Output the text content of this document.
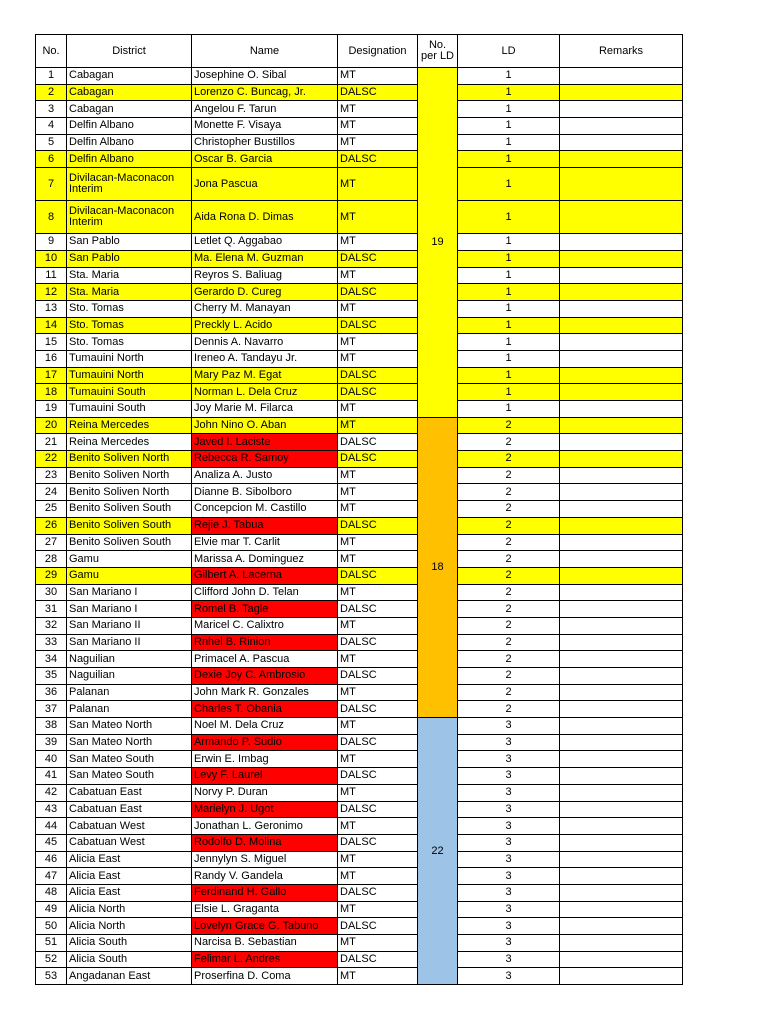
No.	District	Name	Designation	No. per LD	LD	Remarks
1	Cabagan	Josephine O. Sibal	MT	19	1	
2	Cabagan	Lorenzo C. Buncag, Jr.	DALSC		1	
3	Cabagan	Angelou F. Tarun	MT		1	
4	Delfin Albano	Monette F. Visaya	MT		1	
5	Delfin Albano	Christopher Bustillos	MT		1	
6	Delfin Albano	Oscar B. Garcia	DALSC		1	
7	Divilacan-Maconacon Interim	Jona Pascua	MT		1	
8	Divilacan-Maconacon Interim	Aida Rona D. Dimas	MT		1	
9	San Pablo	Letlet Q. Aggabao	MT		1	
10	San Pablo	Ma. Elena M. Guzman	DALSC		1	
11	Sta. Maria	Reyros S. Baliuag	MT		1	
12	Sta. Maria	Gerardo D. Cureg	DALSC		1	
13	Sto. Tomas	Cherry M. Manayan	MT		1	
14	Sto. Tomas	Preckly L. Acido	DALSC		1	
15	Sto. Tomas	Dennis A. Navarro	MT		1	
16	Tumauini North	Ireneo A. Tandayu Jr.	MT		1	
17	Tumauini North	Mary Paz M. Egat	DALSC		1	
18	Tumauini South	Norman L. Dela Cruz	DALSC		1	
19	Tumauini South	Joy Marie M. Filarca	MT		1	
20	Reina Mercedes	John Nino O. Aban	MT	18	2	
21	Reina Mercedes	Javed I. Laciste	DALSC		2	
22	Benito Soliven North	Rebecca R. Samoy	DALSC		2	
23	Benito Soliven North	Analiza A. Justo	MT		2	
24	Benito Soliven North	Dianne B. Sibolboro	MT		2	
25	Benito Soliven South	Concepcion M. Castillo	MT		2	
26	Benito Soliven South	Rejie J. Tabua	DALSC		2	
27	Benito Soliven South	Elvie mar T. Carlit	MT		2	
28	Gamu	Marissa A. Dominguez	MT		2	
29	Gamu	Gilbert A. Lacerna	DALSC		2	
30	San Mariano I	Clifford John D. Telan	MT		2	
31	San Mariano I	Romel B. Tagle	DALSC		2	
32	San Mariano II	Maricel C. Calixtro	MT		2	
33	San Mariano II	Rnhel B. Rinion	DALSC		2	
34	Naguilian	Primacel A. Pascua	MT		2	
35	Naguilian	Dexie Joy C. Ambrosio	DALSC		2	
36	Palanan	John Mark R. Gonzales	MT		2	
37	Palanan	Charles T. Obania	DALSC		2	
38	San Mateo North	Noel M. Dela Cruz	MT	22	3	
39	San Mateo North	Armando P. Sudio	DALSC		3	
40	San Mateo South	Erwin E. Imbag	MT		3	
41	San Mateo South	Levy F. Laurel	DALSC		3	
42	Cabatuan East	Norvy P. Duran	MT		3	
43	Cabatuan East	Marielyn J. Ugot	DALSC		3	
44	Cabatuan West	Jonathan L. Geronimo	MT		3	
45	Cabatuan West	Rodolfo D. Molina	DALSC		3	
46	Alicia East	Jennylyn S. Miguel	MT		3	
47	Alicia East	Randy V. Gandela	MT		3	
48	Alicia East	Ferdinand H. Gallo	DALSC		3	
49	Alicia North	Elsie L. Graganta	MT		3	
50	Alicia North	Lovelyn Grace G. Tabuno	DALSC		3	
51	Alicia South	Narcisa B. Sebastian	MT		3	
52	Alicia South	Felimar L. Andres	DALSC		3	
53	Angadanan East	Proserfina D. Coma	MT		3	
